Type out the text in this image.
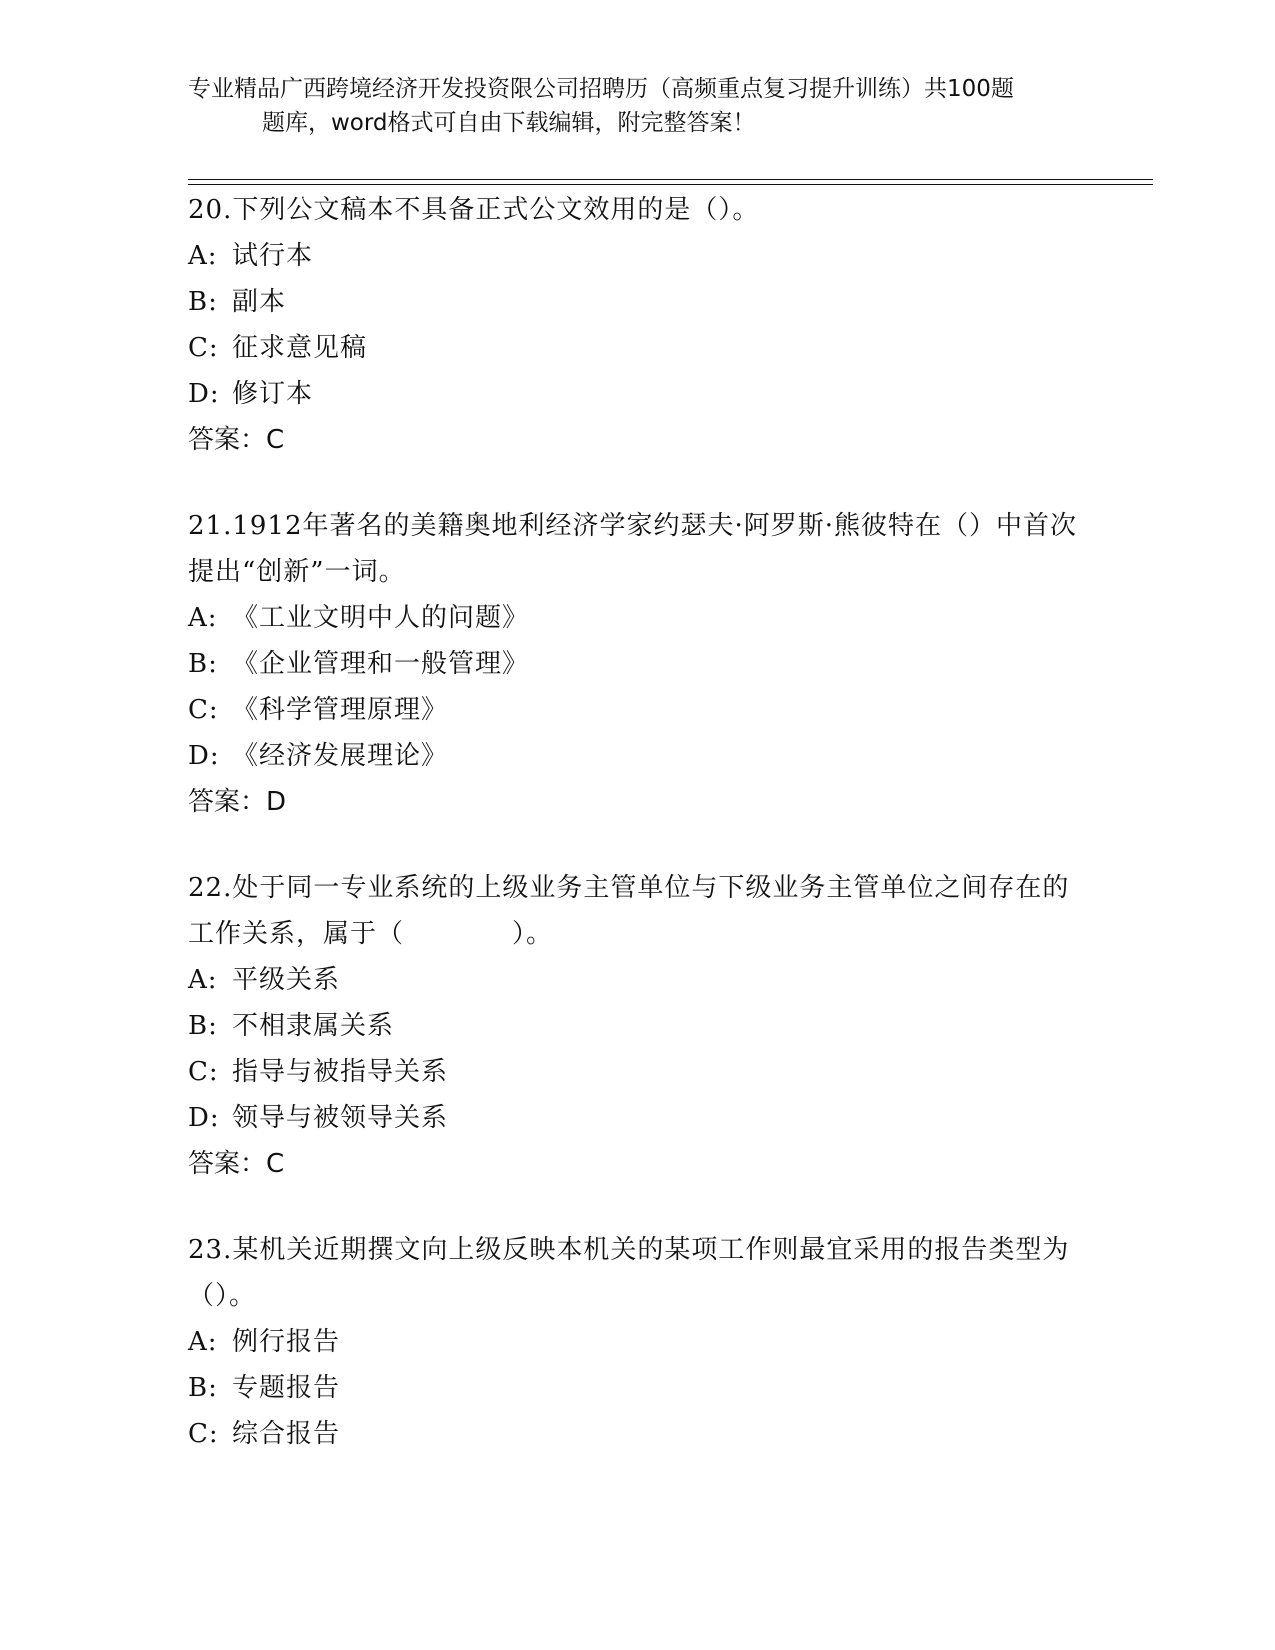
专业精品广西跨境经济开发投资限公司招聘历（高频重点复习提升训练）共100题
题库，word格式可自由下载编辑，附完整答案！
20.下列公文稿本不具备正式公文效用的是（）。
A: 试行本
B: 副本
C: 征求意见稿
D: 修订本
答案：C
21.1912年著名的美籍奥地利经济学家约瑟夫·阿罗斯·熊彼特在（）中首次提出“创新”一词。
A: 《工业文明中人的问题》
B: 《企业管理和一般管理》
C: 《科学管理原理》
D: 《经济发展理论》
答案：D
22.处于同一专业系统的上级业务主管单位与下级业务主管单位之间存在的工作关系，属于（　　　　）。
A: 平级关系
B: 不相隶属关系
C: 指导与被指导关系
D: 领导与被领导关系
答案：C
23.某机关近期撰文向上级反映本机关的某项工作则最宜采用的报告类型为（）。
A: 例行报告
B: 专题报告
C: 综合报告
